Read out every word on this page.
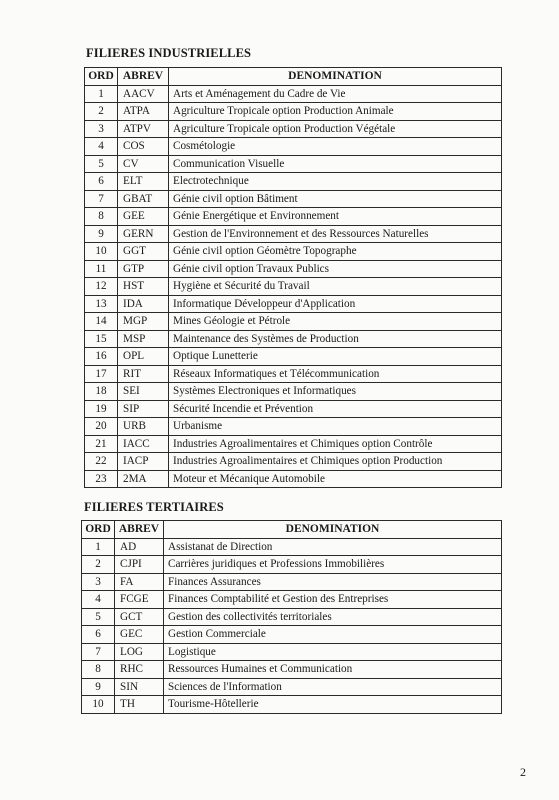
FILIERES INDUSTRIELLES
ORD	ABREV	DENOMINATION
1	AACV	Arts et Aménagement du Cadre de Vie
2	ATPA	Agriculture Tropicale option Production Animale
3	ATPV	Agriculture Tropicale option Production Végétale
4	COS	Cosmétologie
5	CV	Communication Visuelle
6	ELT	Electrotechnique
7	GBAT	Génie civil option Bâtiment
8	GEE	Génie Energétique et Environnement
9	GERN	Gestion de l'Environnement et des Ressources Naturelles
10	GGT	Génie civil option Géomètre Topographe
11	GTP	Génie civil option Travaux Publics
12	HST	Hygiène et Sécurité du Travail
13	IDA	Informatique Développeur d'Application
14	MGP	Mines Géologie et Pétrole
15	MSP	Maintenance des Systèmes de Production
16	OPL	Optique Lunetterie
17	RIT	Réseaux Informatiques et Télécommunication
18	SEI	Systèmes Electroniques et Informatiques
19	SIP	Sécurité Incendie et Prévention
20	URB	Urbanisme
21	IACC	Industries Agroalimentaires et Chimiques option Contrôle
22	IACP	Industries Agroalimentaires et Chimiques option Production
23	2MA	Moteur et Mécanique Automobile
FILIERES TERTIAIRES
ORD	ABREV	DENOMINATION
1	AD	Assistanat de Direction
2	CJPI	Carrières juridiques et Professions Immobilières
3	FA	Finances Assurances
4	FCGE	Finances Comptabilité et Gestion des Entreprises
5	GCT	Gestion des collectivités territoriales
6	GEC	Gestion Commerciale
7	LOG	Logistique
8	RHC	Ressources Humaines et Communication
9	SIN	Sciences de l'Information
10	TH	Tourisme-Hôtellerie
2
